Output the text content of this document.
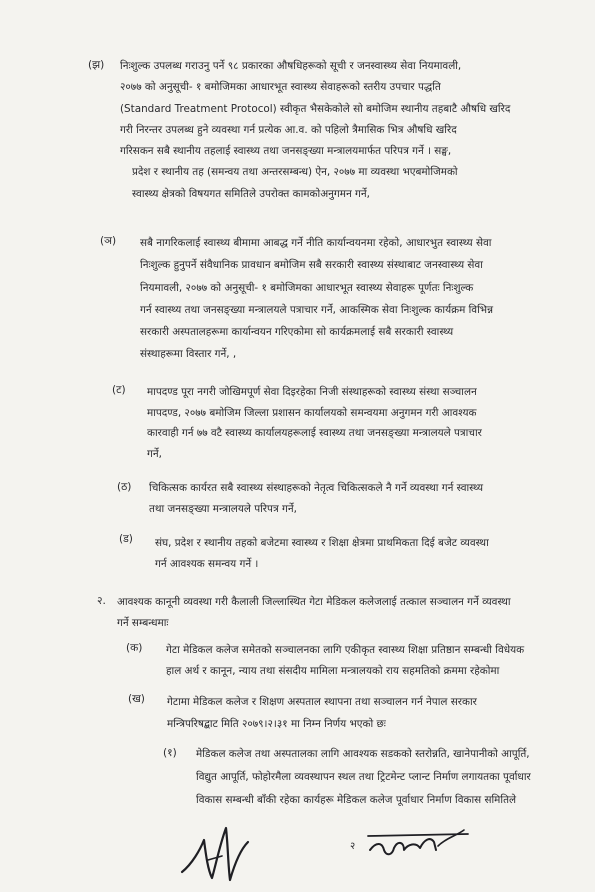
(झ) निःशुल्क उपलब्ध गराउनु पर्ने ९८ प्रकारका औषधिहरूको सूची र जनस्वास्थ्य सेवा नियमावली,
२०७७ को अनुसूची- १ बमोजिमका आधारभूत स्वास्थ्य सेवाहरूको स्तरीय उपचार पद्धति
(Standard Treatment Protocol) स्वीकृत भैसकेकोले सो बमोजिम स्थानीय तहबाटै औषधि खरिद
गरी निरन्तर उपलब्ध हुने व्यवस्था गर्न प्रत्येक आ.व. को पहिलो त्रैमासिक भित्र औषधि खरिद
गरिसकन सबै स्थानीय तहलाई स्वास्थ्य तथा जनसङ्ख्या मन्त्रालयमार्फत परिपत्र गर्ने । सङ्घ,
प्रदेश र स्थानीय तह (समन्वय तथा अन्तरसम्बन्ध) ऐन, २०७७ मा व्यवस्था भएबमोजिमको
स्वास्थ्य क्षेत्रको विषयगत समितिले उपरोक्त कामकोअनुगमन गर्ने,
(ञ) सबै नागरिकलाई स्वास्थ्य बीमामा आबद्ध गर्ने नीति कार्यान्वयनमा रहेको, आधारभुत स्वास्थ्य सेवा
निःशुल्क हुनुपर्ने संवैधानिक प्रावधान बमोजिम सबै सरकारी स्वास्थ्य संस्थाबाट जनस्वास्थ्य सेवा
नियमावली, २०७७ को अनुसूची- १ बमोजिमका आधारभूत स्वास्थ्य सेवाहरू पूर्णतः निःशुल्क
गर्न स्वास्थ्य तथा जनसङ्ख्या मन्त्रालयले पत्राचार गर्ने, आकस्मिक सेवा निःशुल्क कार्यक्रम विभिन्न
सरकारी अस्पतालहरूमा कार्यान्वयन गरिएकोमा सो कार्यक्रमलाई सबै सरकारी स्वास्थ्य
संस्थाहरूमा विस्तार गर्ने, ,
(ट) मापदण्ड पूरा नगरी जोखिमपूर्ण सेवा दिइरहेका निजी संस्थाहरूको स्वास्थ्य संस्था सञ्चालन
मापदण्ड, २०७७ बमोजिम जिल्ला प्रशासन कार्यालयको समन्वयमा अनुगमन गरी आवश्यक
कारवाही गर्न ७७ वटै स्वास्थ्य कार्यालयहरूलाई स्वास्थ्य तथा जनसङ्ख्या मन्त्रालयले पत्राचार
गर्ने,
(ठ) चिकित्सक कार्यरत सबै स्वास्थ्य संस्थाहरूको नेतृत्व चिकित्सकले नै गर्ने व्यवस्था गर्न स्वास्थ्य
तथा जनसङ्ख्या मन्त्रालयले परिपत्र गर्ने,
(ड) संघ, प्रदेश र स्थानीय तहको बजेटमा स्वास्थ्य र शिक्षा क्षेत्रमा प्राथमिकता दिई बजेट व्यवस्था
गर्न आवश्यक समन्वय गर्ने ।
२. आवश्यक कानूनी व्यवस्था गरी कैलाली जिल्लास्थित गेटा मेडिकल कलेजलाई तत्काल सञ्चालन गर्ने व्यवस्था
गर्ने सम्बन्धमाः
(क) गेटा मेडिकल कलेज समेतको सञ्चालनका लागि एकीकृत स्वास्थ्य शिक्षा प्रतिष्ठान सम्बन्धी विधेयक
हाल अर्थ र कानून, न्याय तथा संसदीय मामिला मन्त्रालयको राय सहमतिको क्रममा रहेकोमा
(ख) गेटामा मेडिकल कलेज र शिक्षण अस्पताल स्थापना तथा सञ्चालन गर्न नेपाल सरकार
मन्त्रिपरिषद्बाट मिति २०७९।२।३१ मा निम्न निर्णय भएको छः
(१) मेडिकल कलेज तथा अस्पतालका लागि आवश्यक सडकको स्तरोन्नति, खानेपानीको आपूर्ति,
विद्युत आपूर्ति, फोहोरमैला व्यवस्थापन स्थल तथा ट्रिटमेन्ट प्लान्ट निर्माण लगायतका पूर्वाधार
विकास सम्बन्धी बाँकी रहेका कार्यहरू मेडिकल कलेज पूर्वाधार निर्माण विकास समितिले
२
